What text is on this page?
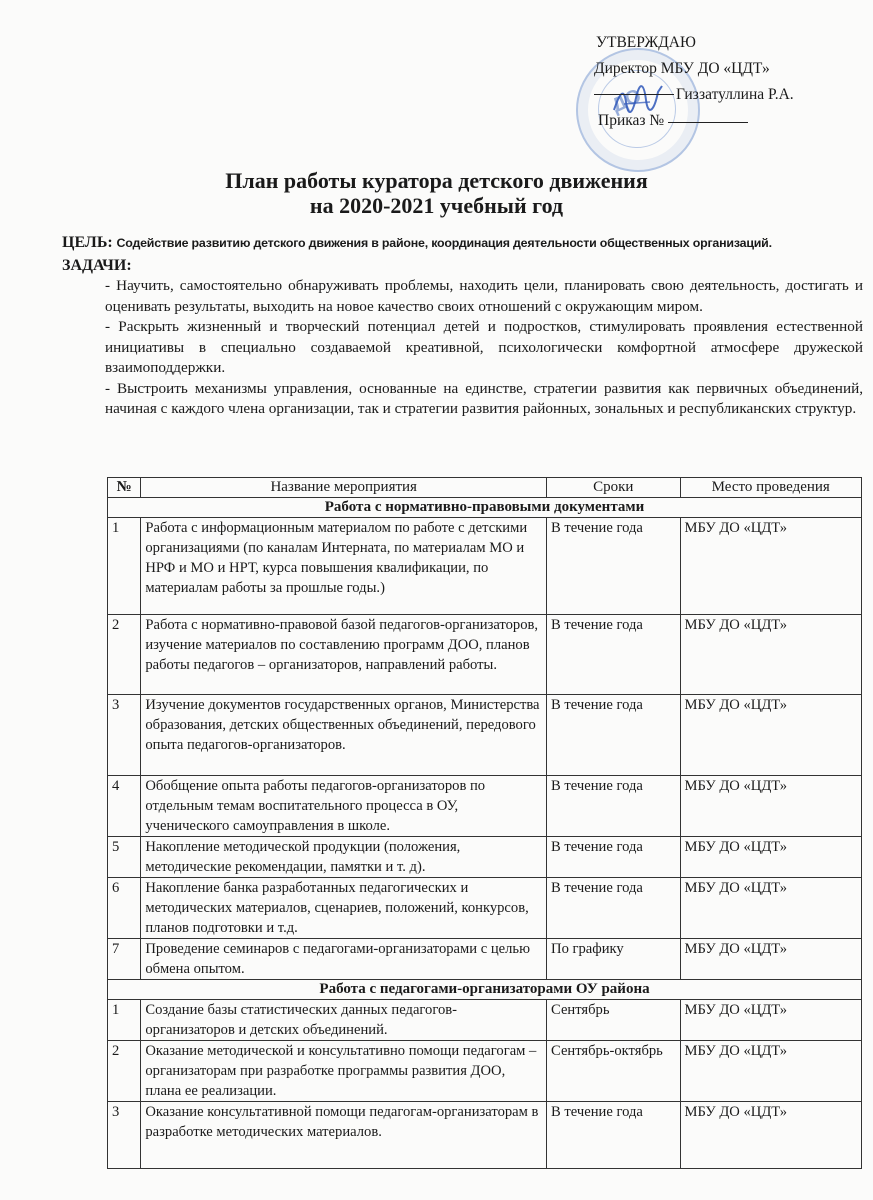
ДО
УТВЕРЖДАЮ
Директор МБУ ДО «ЦДТ»
Гиззатуллина Р.А.
Приказ №
План работы куратора детского движения
на 2020-2021 учебный год
ЦЕЛЬ: Содействие развитию детского движения в районе, координация деятельности общественных организаций.
ЗАДАЧИ:

- Научить, самостоятельно обнаруживать проблемы, находить цели, планировать свою деятельность, достигать и оценивать результаты, выходить на новое качество своих отношений с окружающим миром.

- Раскрыть жизненный и творческий потенциал детей и подростков, стимулировать проявления естественной инициативы в специально создаваемой креативной, психологически комфортной атмосфере дружеской взаимоподдержки.

- Выстроить механизмы управления, основанные на единстве, стратегии развития как первичных объединений, начиная с каждого члена организации, так и стратегии развития районных, зональных и республиканских структур.

№	Название мероприятия	Сроки	Место проведения
Работа с нормативно-правовыми документами			
1	Работа с информационным материалом по работе с детскими организациями (по каналам Интерната, по материалам МО и НРФ и МО и НРТ, курса повышения квалификации, по материалам работы за прошлые годы.)	В течение года	МБУ ДО «ЦДТ»
2	Работа с нормативно-правовой базой педагогов-организаторов, изучение материалов по составлению программ ДОО, планов работы педагогов – организаторов, направлений работы.	В течение года	МБУ ДО «ЦДТ»
3	Изучение документов государственных органов, Министерства образования, детских общественных объединений, передового опыта педагогов-организаторов.	В течение года	МБУ ДО «ЦДТ»
4	Обобщение опыта работы педагогов-организаторов по отдельным темам воспитательного процесса в ОУ, ученического самоуправления в школе.	В течение года	МБУ ДО «ЦДТ»
5	Накопление методической продукции (положения, методические рекомендации, памятки и т. д).	В течение года	МБУ ДО «ЦДТ»
6	Накопление банка разработанных педагогических и методических материалов, сценариев, положений, конкурсов, планов подготовки и т.д.	В течение года	МБУ ДО «ЦДТ»
7	Проведение семинаров с педагогами-организаторами с целью обмена опытом.	По графику	МБУ ДО «ЦДТ»
Работа с педагогами-организаторами ОУ района			
1	Создание базы статистических данных педагогов-организаторов и детских объединений.	Сентябрь	МБУ ДО «ЦДТ»
2	Оказание методической и консультативно помощи педагогам – организаторам при разработке программы развития ДОО, плана ее реализации.	Сентябрь-октябрь	МБУ ДО «ЦДТ»
3	Оказание консультативной помощи педагогам-организаторам в разработке методических материалов.	В течение года	МБУ ДО «ЦДТ»
